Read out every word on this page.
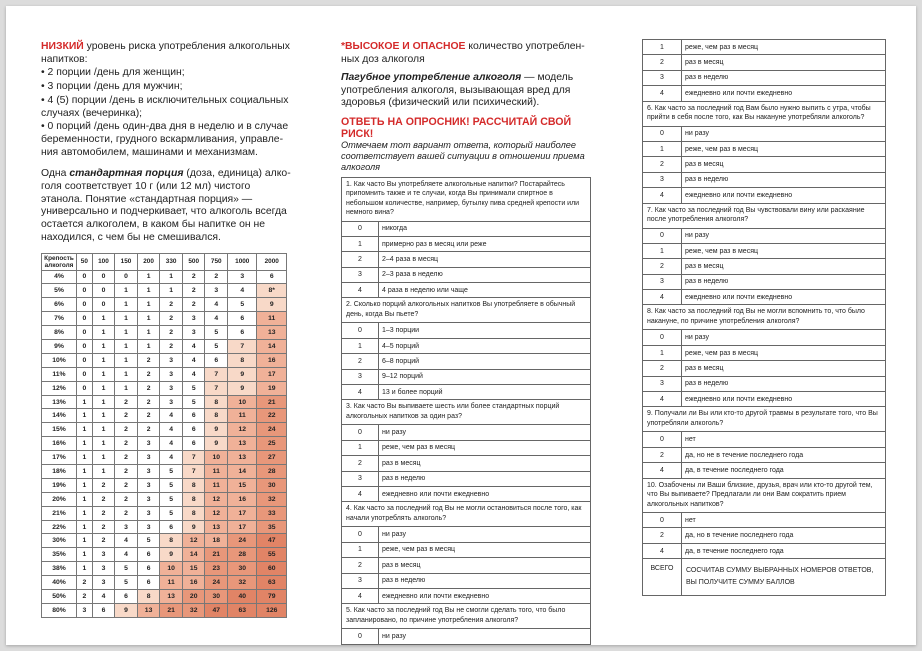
НИЗКИЙ уровень риска употребления алкогольных напитков:

• 2 порции /день для женщин;

• 3 порции /день для мужчин;

• 4 (5) порции /день в исключительных социальных случаях (вечеринка);

• 0 порций /день один-два дня в неделю и в случае беременности, грудного вскармливания, управления автомобилем, машинами и механизмам.

Одна стандартная порция (доза, единица) алкоголя соответствует 10 г (или 12 мл) чистого этанола. Понятие «стандартная порция» — универсально и подчеркивает, что алкоголь всегда остается алкоголем, в каком бы напитке он не находился, с чем бы не смешивался.

Крепость алкоголя	50	100	150	200	330	500	750	1000	2000
4%	0	0	0	1	1	2	2	3	6
5%	0	0	1	1	1	2	3	4	8*
6%	0	0	1	1	2	2	4	5	9
7%	0	1	1	1	2	3	4	6	11
8%	0	1	1	1	2	3	5	6	13
9%	0	1	1	1	2	4	5	7	14
10%	0	1	1	2	3	4	6	8	16
11%	0	1	1	2	3	4	7	9	17
12%	0	1	1	2	3	5	7	9	19
13%	1	1	2	2	3	5	8	10	21
14%	1	1	2	2	4	6	8	11	22
15%	1	1	2	2	4	6	9	12	24
16%	1	1	2	3	4	6	9	13	25
17%	1	1	2	3	4	7	10	13	27
18%	1	1	2	3	5	7	11	14	28
19%	1	2	2	3	5	8	11	15	30
20%	1	2	2	3	5	8	12	16	32
21%	1	2	2	3	5	8	12	17	33
22%	1	2	3	3	6	9	13	17	35
30%	1	2	4	5	8	12	18	24	47
35%	1	3	4	6	9	14	21	28	55
38%	1	3	5	6	10	15	23	30	60
40%	2	3	5	6	11	16	24	32	63
50%	2	4	6	8	13	20	30	40	79
80%	3	6	9	13	21	32	47	63	126

*ВЫСОКОЕ И ОПАСНОЕ количество употребленных доз алкоголя

Пагубное употребление алкоголя — модель употребления алкоголя, вызывающая вред для здоровья (физический или психический).

ОТВЕТЬ НА ОПРОСНИК! РАССЧИТАЙ СВОЙ РИСК!

Отмечаем тот вариант ответа, который наиболее соответствует вашей ситуации в отношении приема алкоголя

1. Как часто Вы употребляете алкогольные напитки? Постарайтесь припомнить также и те случаи, когда Вы принимали спиртное в небольшом количестве, например, бутылку пива средней крепости или немного вина?	
0	никогда
1	примерно раз в месяц или реже
2	2–4 раза в месяц
3	2–3 раза в неделю
4	4 раза в неделю или чаще
2. Сколько порций алкогольных напитков Вы употребляете в обычный день, когда Вы пьете?	
0	1–3 порции
1	4–5 порций
2	6–8 порций
3	9–12 порций
4	13 и более порций
3. Как часто Вы выпиваете шесть или более стандартных порций алкогольных напитков за один раз?	
0	ни разу
1	реже, чем раз в месяц
2	раз в месяц
3	раз в неделю
4	ежедневно или почти ежедневно
4. Как часто за последний год Вы не могли остановиться после того, как начали употреблять алкоголь?	
0	ни разу
1	реже, чем раз в месяц
2	раз в месяц
3	раз в неделю
4	ежедневно или почти ежедневно
5. Как часто за последний год Вы не смогли сделать того, что было запланировано, по причине употребления алкоголя?	
0	ни разу
1	реже, чем раз в месяц
2	раз в месяц
3	раз в неделю
4	ежедневно или почти ежедневно
6. Как часто за последний год Вам было нужно выпить с утра, чтобы прийти в себя после того, как Вы накануне употребляли алкоголь?	
0	ни разу
1	реже, чем раз в месяц
2	раз в месяц
3	раз в неделю
4	ежедневно или почти ежедневно
7. Как часто за последний год Вы чувствовали вину или раскаяние после употребления алкоголя?	
0	ни разу
1	реже, чем раз в месяц
2	раз в месяц
3	раз в неделю
4	ежедневно или почти ежедневно
8. Как часто за последний год Вы не могли вспомнить то, что было накануне, по причине употребления алкоголя?	
0	ни разу
1	реже, чем раз в месяц
2	раз в месяц
3	раз в неделю
4	ежедневно или почти ежедневно
9. Получали ли Вы или кто-то другой травмы в результате того, что Вы употребляли алкоголь?	
0	нет
2	да, но не в течение последнего года
4	да, в течение последнего года
10. Озабочены ли Ваши близкие, друзья, врач или кто-то другой тем, что Вы выпиваете? Предлагали ли они Вам сократить прием алкогольных напитков?	
0	нет
2	да, но в течение последнего года
4	да, в течение последнего года
ВСЕГО	СОСЧИТАВ СУММУ ВЫБРАННЫХ НОМЕРОВ ОТВЕТОВ, ВЫ ПОЛУЧИТЕ СУММУ БАЛЛОВ
